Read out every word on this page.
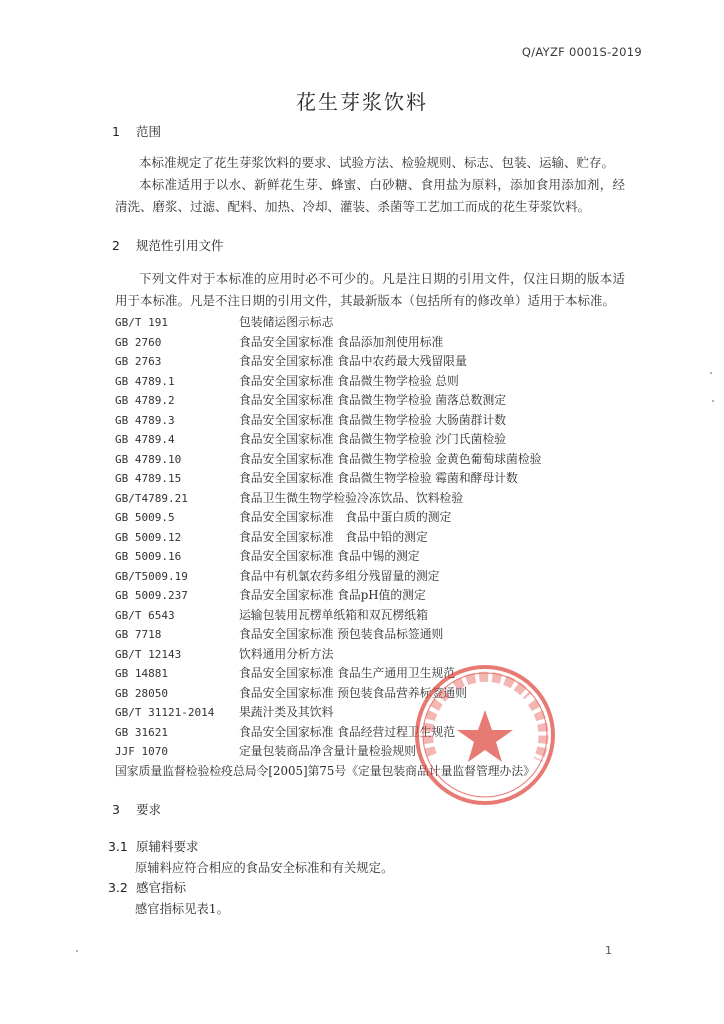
Q/AYZF 0001S-2019
花生芽浆饮料
1 范围

本标准规定了花生芽浆饮料的要求、试验方法、检验规则、标志、包装、运输、贮存。

本标准适用于以水、新鲜花生芽、蜂蜜、白砂糖、食用盐为原料，添加食用添加剂，经清洗、磨浆、过滤、配料、加热、冷却、灌装、杀菌等工艺加工而成的花生芽浆饮料。

2 规范性引用文件

下列文件对于本标准的应用时必不可少的。凡是注日期的引用文件，仅注日期的版本适用于本标准。凡是不注日期的引用文件，其最新版本（包括所有的修改单）适用于本标准。

GB/T 191	包装储运图示标志
GB 2760	食品安全国家标准 食品添加剂使用标准
GB 2763	食品安全国家标准 食品中农药最大残留限量
GB 4789.1	食品安全国家标准 食品微生物学检验 总则
GB 4789.2	食品安全国家标准 食品微生物学检验 菌落总数测定
GB 4789.3	食品安全国家标准 食品微生物学检验 大肠菌群计数
GB 4789.4	食品安全国家标准 食品微生物学检验 沙门氏菌检验
GB 4789.10	食品安全国家标准 食品微生物学检验 金黄色葡萄球菌检验
GB 4789.15	食品安全国家标准 食品微生物学检验 霉菌和酵母计数
GB/T4789.21	食品卫生微生物学检验冷冻饮品、饮料检验
GB 5009.5	食品安全国家标准　食品中蛋白质的测定
GB 5009.12	食品安全国家标准　食品中铅的测定
GB 5009.16	食品安全国家标准 食品中锡的测定
GB/T5009.19	食品中有机氯农药多组分残留量的测定
GB 5009.237	食品安全国家标准 食品pH值的测定
GB/T 6543	运输包装用瓦楞单纸箱和双瓦楞纸箱
GB 7718	食品安全国家标准 预包装食品标签通则
GB/T 12143	饮料通用分析方法
GB 14881	食品安全国家标准 食品生产通用卫生规范
GB 28050	食品安全国家标准 预包装食品营养标签通则
GB/T 31121-2014 果蔬汁类及其饮料
GB 31621	食品安全国家标准 食品经营过程卫生规范
JJF 1070	定量包装商品净含量计量检验规则
国家质量监督检验检疫总局令[2005]第75号《定量包装商品计量监督管理办法》
3 要求
3.1 原辅料要求
原辅料应符合相应的食品安全标准和有关规定。
3.2 感官指标
感官指标见表1。
1
